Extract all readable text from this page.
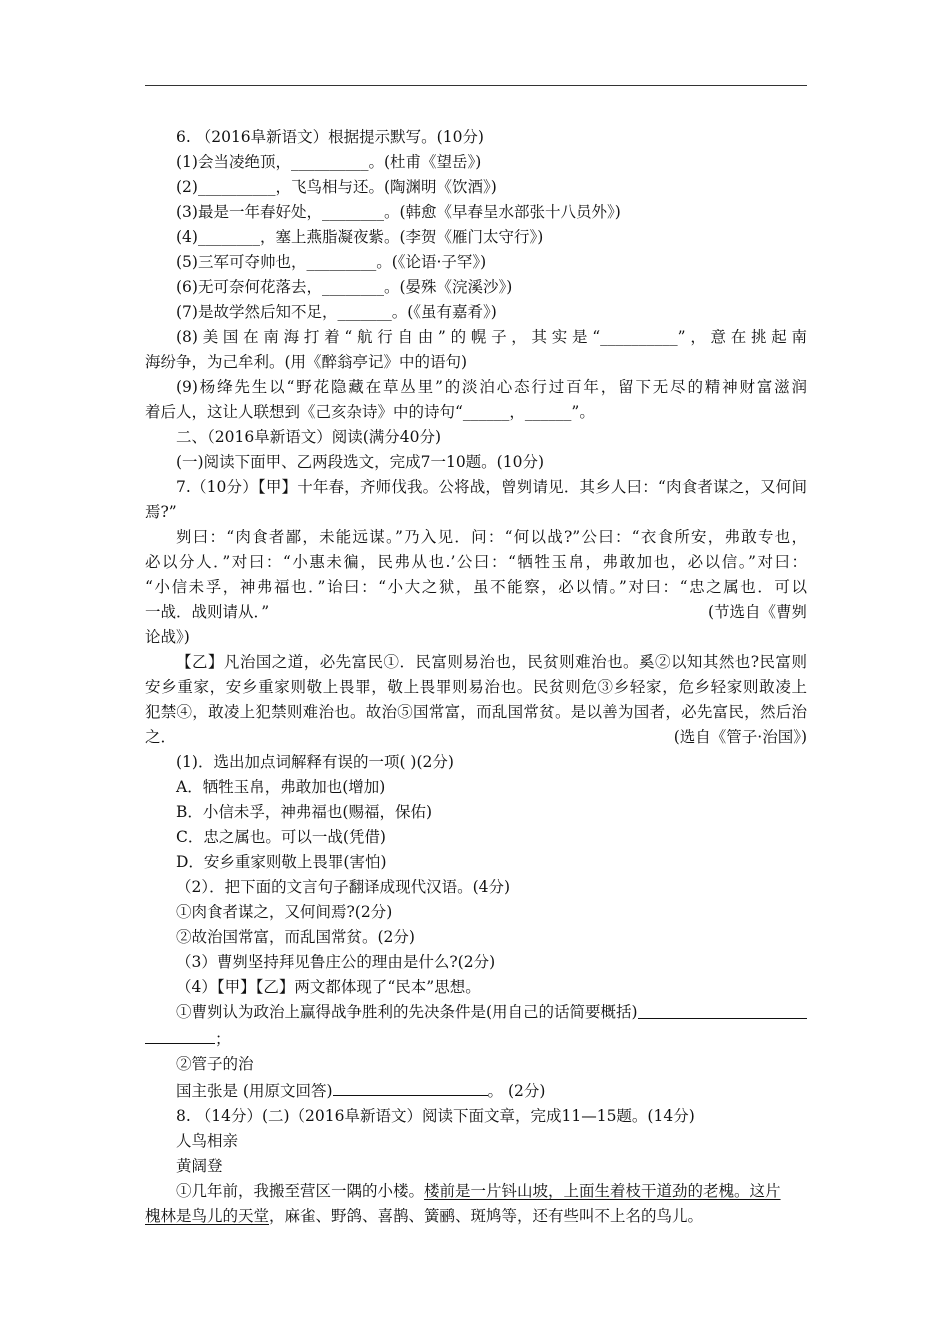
6. （2016阜新语文）根据提示默写。(10分)
(1)会当凌绝顶，__________。(杜甫《望岳》)
(2)__________，飞鸟相与还。(陶渊明《饮酒》)
(3)最是一年春好处，________。(韩愈《早春呈水部张十八员外》)
(4)________，塞上燕脂凝夜紫。(李贺《雁门太守行》)
(5)三军可夺帅也，_________。(《论语·子罕》)
(6)无可奈何花落去，________。(晏殊《浣溪沙》)
(7)是故学然后知不足，_______。(《虽有嘉肴》)
(8)美国在南海打着“航行自由”的幌子，其实是“__________”，意在挑起南
海纷争，为己牟利。(用《醉翁亭记》中的语句)
(9)杨绛先生以“野花隐藏在草丛里”的淡泊心态行过百年，留下无尽的精神财富滋润
着后人，这让人联想到《己亥杂诗》中的诗句“______，______”。
二、（2016阜新语文）阅读(满分40分)
(一)阅读下面甲、乙两段选文，完成7一10题。(10分)
7.（10分）【甲】十年春，齐师伐我。公将战，曾刿请见．其乡人曰：“肉食者谋之，又何间
焉?”
刿曰：“肉食者鄙，未能远谋。”乃入见．问：“何以战?”公曰：“衣食所安，弗敢专也，
必以分人．”对曰：“小惠未徧，民弗从也.’公曰：“牺牲玉帛，弗敢加也，必以信。”对曰：
“小信未孚，神弗福也．”诒曰：“小大之狱，虽不能察，必以情。”对曰：“忠之属也．可以
一战．战则请从．”	(节选自《曹刿
论战》)
【乙】凡治国之道，必先富民①．民富则易治也，民贫则难治也。奚②以知其然也?民富则
安乡重家，安乡重家则敬上畏罪，敬上畏罪则易治也。民贫则危③乡轻家，危乡轻家则敢凌上
犯禁④，敢凌上犯禁则难治也。故治⑤国常富，而乱国常贫。是以善为国者，必先富民，然后治
之．	(选自《管子·治国》)
(1)．选出加点词解释有误的一项( )(2分)
A．牺牲玉帛，弗敢加也(增加)
B．小信未孚，神弗福也(赐福，保佑)
C．忠之属也。可以一战(凭借)
D．安乡重家则敬上畏罪(害怕)
（2）．把下面的文言句子翻译成现代汉语。(4分)
①肉食者谋之，又何间焉?(2分)
②故治国常富，而乱国常贫。(2分)
（3）曹刿坚持拜见鲁庄公的理由是什么?(2分)
（4）【甲】【乙】两文都体现了“民本”思想。
①曹刿认为政治上赢得战争胜利的先决条件是(用自己的话简要概括)
；
②管子的治
国主张是 (用原文回答)	。 (2分)
8. （14分）(二)（2016阜新语文）阅读下面文章，完成11—15题。(14分)
人鸟相亲
黄阔登
①几年前，我搬至营区一隅的小楼。楼前是一片钭山坡，上面生着枝干道劲的老槐。这片
槐林是鸟儿的天堂，麻雀、野鸽、喜鹊、簧鹂、斑鸠等，还有些叫不上名的鸟儿。
